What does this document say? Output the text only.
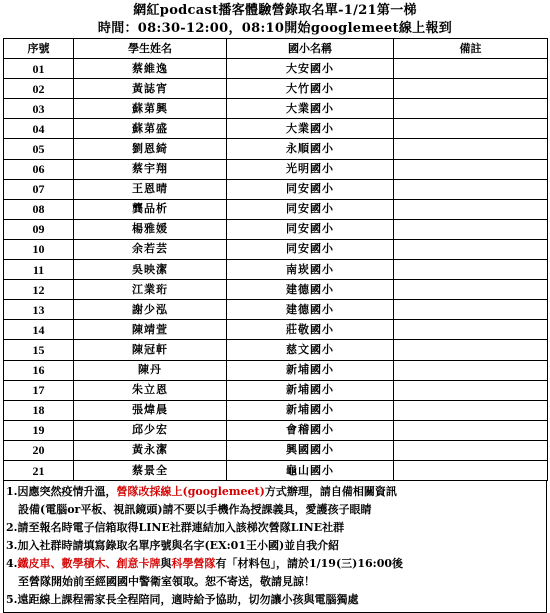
網紅podcast播客體驗營錄取名單-1/21第一梯
時間：08:30-12:00，08:10開始googlemeet線上報到
序號	學生姓名	國小名稱	備註
01	蔡維逸	大安國小	
02	黃誌宵	大竹國小	
03	蘇苐興	大業國小	
04	蘇苐盛	大業國小	
05	劉恩綺	永順國小	
06	蔡宇翔	光明國小	
07	王恩晴	同安國小	
08	龔品析	同安國小	
09	楊雅媛	同安國小	
10	余若芸	同安國小	
11	吳映潔	南崁國小	
12	江業珩	建德國小	
13	謝少泓	建德國小	
14	陳靖萱	莊敬國小	
15	陳冠軒	慈文國小	
16	陳丹	新埔國小	
17	朱立恩	新埔國小	
18	張煒晨	新埔國小	
19	邱少宏	會稽國小	
20	黃永潔	興國國小	
21	蔡景全	龜山國小	
1.因應突然疫情升溫，營隊改採線上(googlemeet)方式辦理，請自備相關資訊
設備(電腦or平板、視訊鏡頭)請不要以手機作為授課義具，愛護孩子眼睛
2.請至報名時電子信箱取得LINE社群連結加入該梯次營隊LINE社群
3.加入社群時請填寫錄取名單序號與名字(EX:01王小國)並自我介紹
4.鐵皮車、數學積木、創意卡牌與科學營隊有「材料包」，請於1/19(三)16:00後
至營隊開始前至經國國中警衛室領取。恕不寄送，敬請見諒！
5.遠距線上課程需家長全程陪同，適時給予協助，切勿讓小孩與電腦獨處
